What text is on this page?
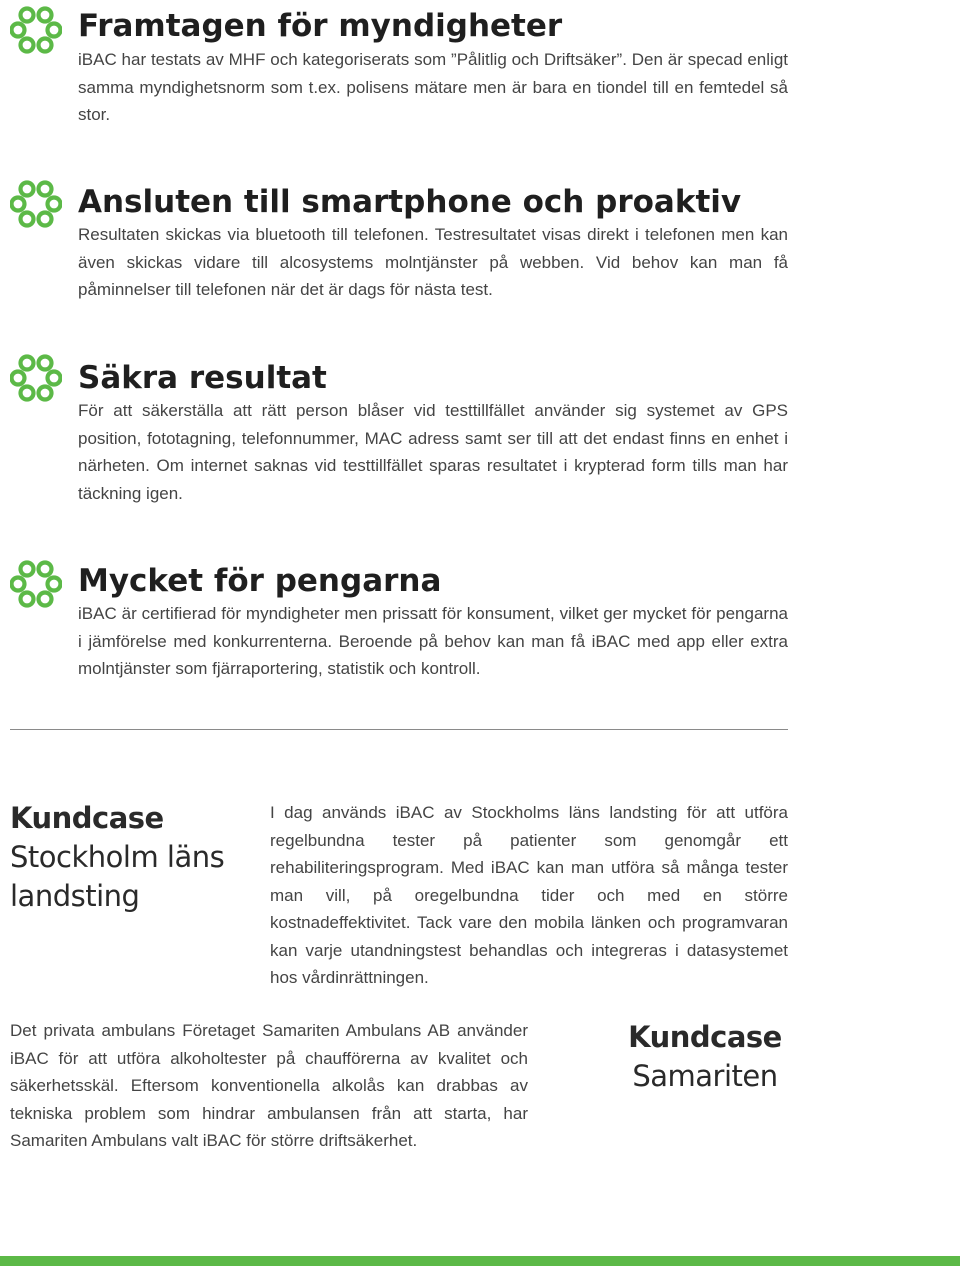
Framtagen för myndigheter

iBAC har testats av MHF och kategoriserats som ”Pålitlig och Driftsäker”. Den är specad enligt samma myndighetsnorm som t.ex. polisens mätare men är bara en tiondel till en femtedel så stor.

Ansluten till smartphone och proaktiv

Resultaten skickas via bluetooth till telefonen. Testresultatet visas direkt i telefonen men kan även skickas vidare till alcosystems molntjänster på webben. Vid behov kan man få påminnelser till telefonen när det är dags för nästa test.

Säkra resultat

För att säkerställa att rätt person blåser vid testtillfället använder sig systemet av GPS position, fototagning, telefonnummer, MAC adress samt ser till att det endast finns en enhet i närheten. Om internet saknas vid testtillfället sparas resultatet i krypterad form tills man har täckning igen.

Mycket för pengarna

iBAC är certifierad för myndigheter men prissatt för konsument, vilket ger mycket för pengarna i jämförelse med konkurrenterna. Beroende på behov kan man få iBAC med app eller extra molntjänster som fjärraportering, statistik och kontroll.

Kundcase
Stockholm läns
landsting

I dag används iBAC av Stockholms läns landsting för att utföra regelbundna tester på patienter som genomgår ett rehabiliteringsprogram. Med iBAC kan man utföra så många tester man vill, på oregelbundna tider och med en större kostnadeffektivitet. Tack vare den mobila länken och programvaran kan varje utandningstest behandlas och integreras i datasystemet hos vårdinrättningen.

Det privata ambulans Företaget Samariten Ambulans AB använder iBAC för att utföra alkoholtester på chaufförerna av kvalitet och säkerhetsskäl. Eftersom konventionella alkolås kan drabbas av tekniska problem som hindrar ambulansen från att starta, har Samariten Ambulans valt iBAC för större driftsäkerhet.

Kundcase
Samariten
